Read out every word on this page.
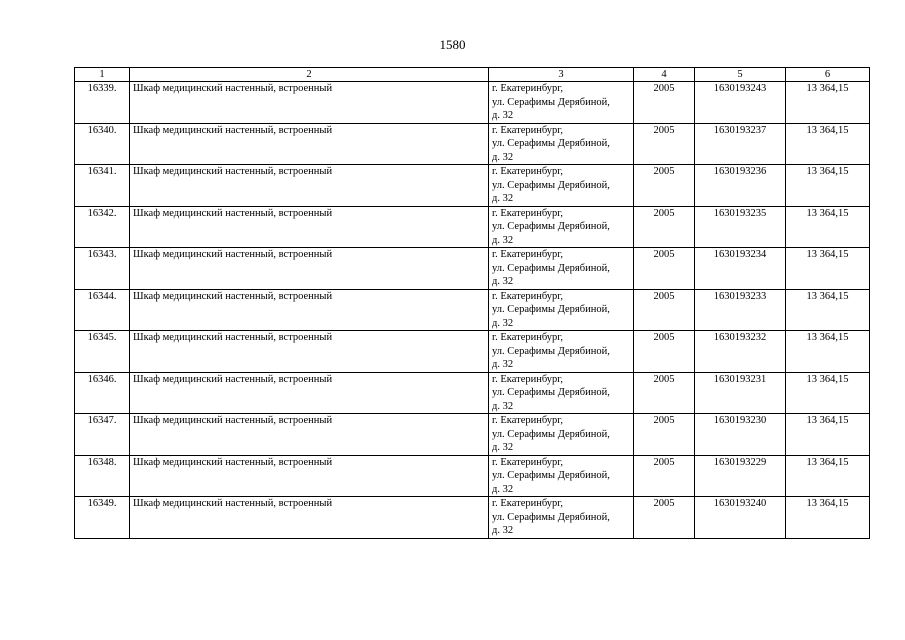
1580
1	2	3	4	5	6
16339.	Шкаф медицинский настенный, встроенный	г. Екатеринбург,
ул. Серафимы Дерябиной,
д. 32	2005	1630193243	13 364,15
16340.	Шкаф медицинский настенный, встроенный	г. Екатеринбург,
ул. Серафимы Дерябиной,
д. 32	2005	1630193237	13 364,15
16341.	Шкаф медицинский настенный, встроенный	г. Екатеринбург,
ул. Серафимы Дерябиной,
д. 32	2005	1630193236	13 364,15
16342.	Шкаф медицинский настенный, встроенный	г. Екатеринбург,
ул. Серафимы Дерябиной,
д. 32	2005	1630193235	13 364,15
16343.	Шкаф медицинский настенный, встроенный	г. Екатеринбург,
ул. Серафимы Дерябиной,
д. 32	2005	1630193234	13 364,15
16344.	Шкаф медицинский настенный, встроенный	г. Екатеринбург,
ул. Серафимы Дерябиной,
д. 32	2005	1630193233	13 364,15
16345.	Шкаф медицинский настенный, встроенный	г. Екатеринбург,
ул. Серафимы Дерябиной,
д. 32	2005	1630193232	13 364,15
16346.	Шкаф медицинский настенный, встроенный	г. Екатеринбург,
ул. Серафимы Дерябиной,
д. 32	2005	1630193231	13 364,15
16347.	Шкаф медицинский настенный, встроенный	г. Екатеринбург,
ул. Серафимы Дерябиной,
д. 32	2005	1630193230	13 364,15
16348.	Шкаф медицинский настенный, встроенный	г. Екатеринбург,
ул. Серафимы Дерябиной,
д. 32	2005	1630193229	13 364,15
16349.	Шкаф медицинский настенный, встроенный	г. Екатеринбург,
ул. Серафимы Дерябиной,
д. 32	2005	1630193240	13 364,15
